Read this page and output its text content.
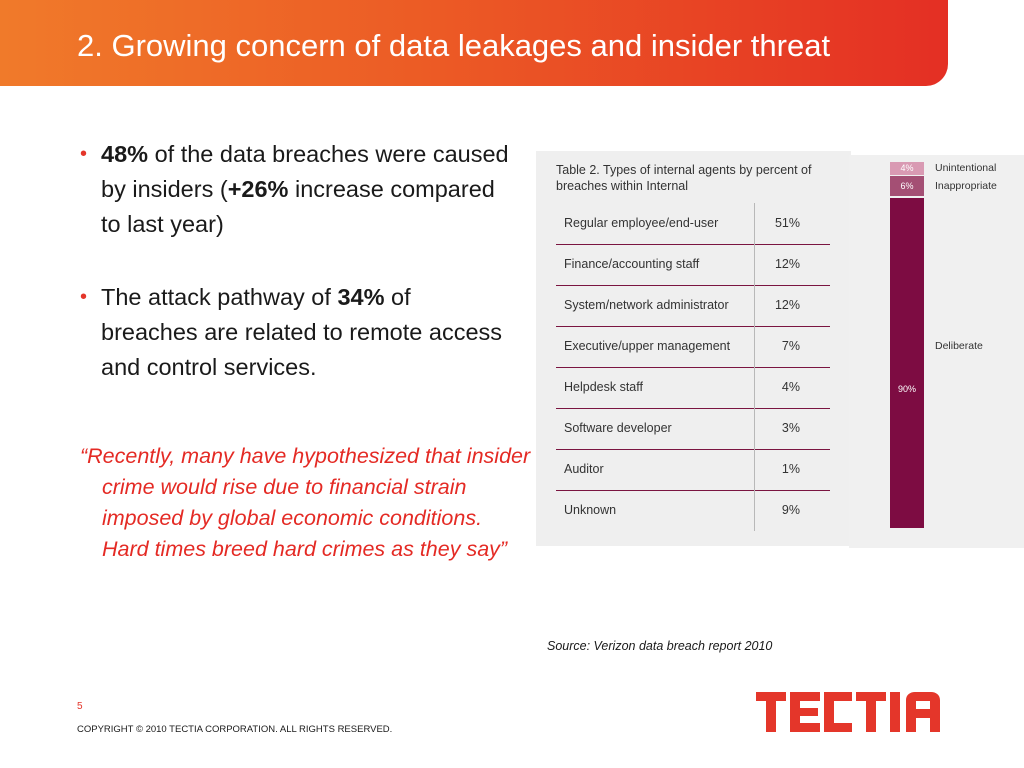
2. Growing concern of data leakages and insider threat
• 48% of the data breaches were caused by insiders (+26% increase compared to last year)
• The attack pathway of 34% of breaches are related to remote access and control services.
“Recently, many have hypothesized that insider crime would rise due to financial strain imposed by global economic conditions. Hard times breed hard crimes as they say”
Table 2. Types of internal agents by percent of breaches within Internal
Regular employee/end-user	51%
Finance/accounting staff	12%
System/network administrator	12%
Executive/upper management	7%
Helpdesk staff	4%
Software developer	3%
Auditor	1%
Unknown	9%
4%
6%
90%
Unintentional
Inappropriate
Deliberate
Source: Verizon data breach report 2010
5
COPYRIGHT © 2010 TECTIA CORPORATION. ALL RIGHTS RESERVED.
